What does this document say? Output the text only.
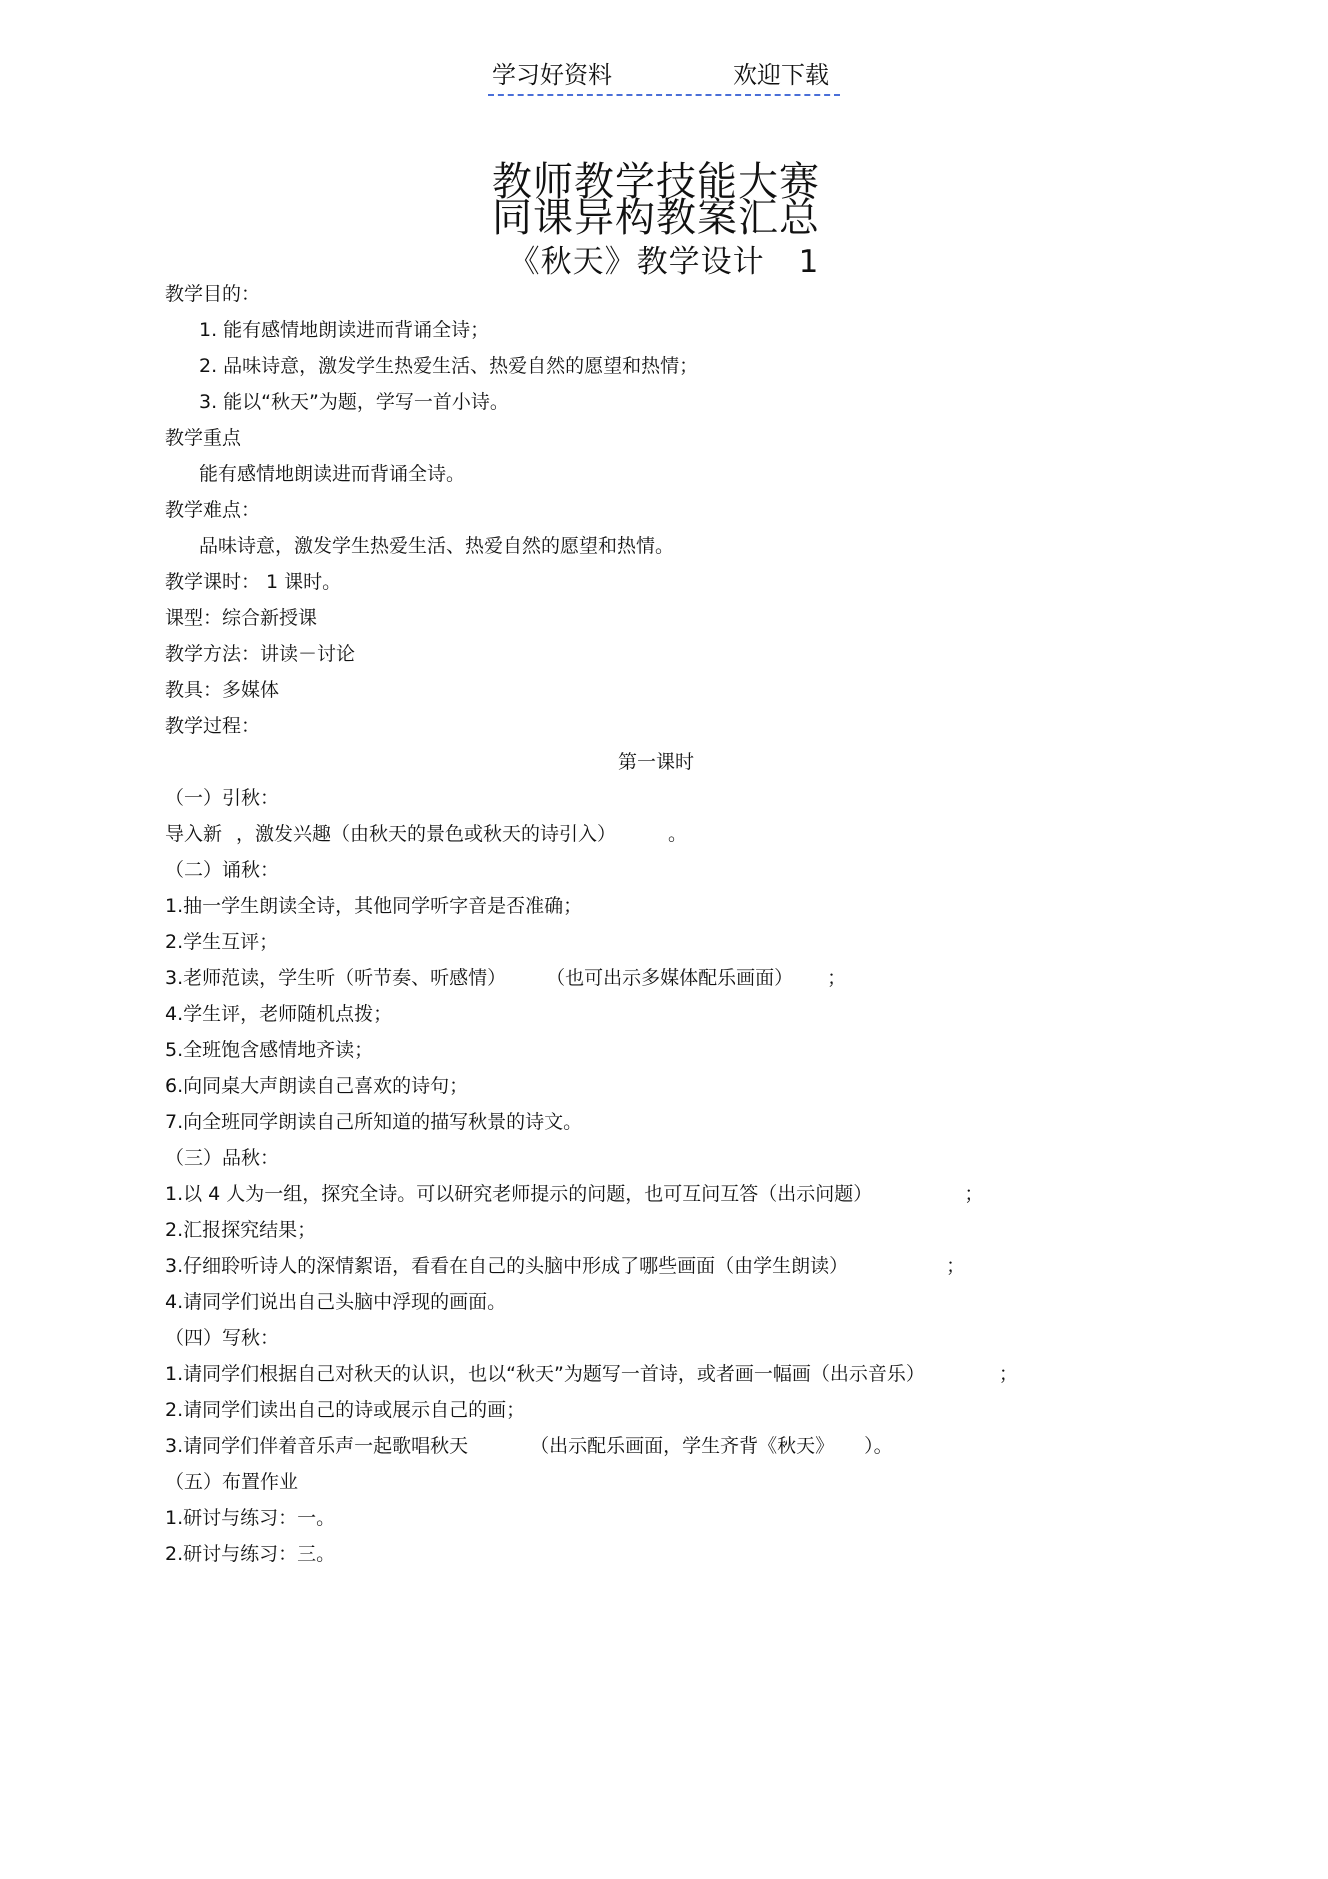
学习好资料	欢迎下载
教师教学技能大赛
同课异构教案汇总
《秋天》教学设计 1
教学目的：
1. 能有感情地朗读进而背诵全诗；
2. 品味诗意，激发学生热爱生活、热爱自然的愿望和热情；
3. 能以“秋天”为题，学写一首小诗。
教学重点
能有感情地朗读进而背诵全诗。
教学难点：
品味诗意，激发学生热爱生活、热爱自然的愿望和热情。
教学课时： 1 课时。
课型：综合新授课
教学方法：讲读－讨论
教具：多媒体
教学过程：
第一课时
（一）引秋：
导入新 ，激发兴趣（由秋天的景色或秋天的诗引入）	。
（二）诵秋：
1.抽一学生朗读全诗，其他同学听字音是否准确；
2.学生互评；
3.老师范读，学生听（听节奏、听感情） （也可出示多媒体配乐画面） ；
4.学生评，老师随机点拨；
5.全班饱含感情地齐读；
6.向同桌大声朗读自己喜欢的诗句；
7.向全班同学朗读自己所知道的描写秋景的诗文。
（三）品秋：
1.以 4 人为一组，探究全诗。可以研究老师提示的问题，也可互问互答（出示问题）	；
2.汇报探究结果；
3.仔细聆听诗人的深情絮语，看看在自己的头脑中形成了哪些画面（由学生朗读）	；
4.请同学们说出自己头脑中浮现的画面。
（四）写秋：
1.请同学们根据自己对秋天的认识，也以“秋天”为题写一首诗，或者画一幅画（出示音乐）	；
2.请同学们读出自己的诗或展示自己的画；
3.请同学们伴着音乐声一起歌唱秋天	（出示配乐画面，学生齐背《秋天》 ）。
（五）布置作业
1.研讨与练习：一。
2.研讨与练习：三。
